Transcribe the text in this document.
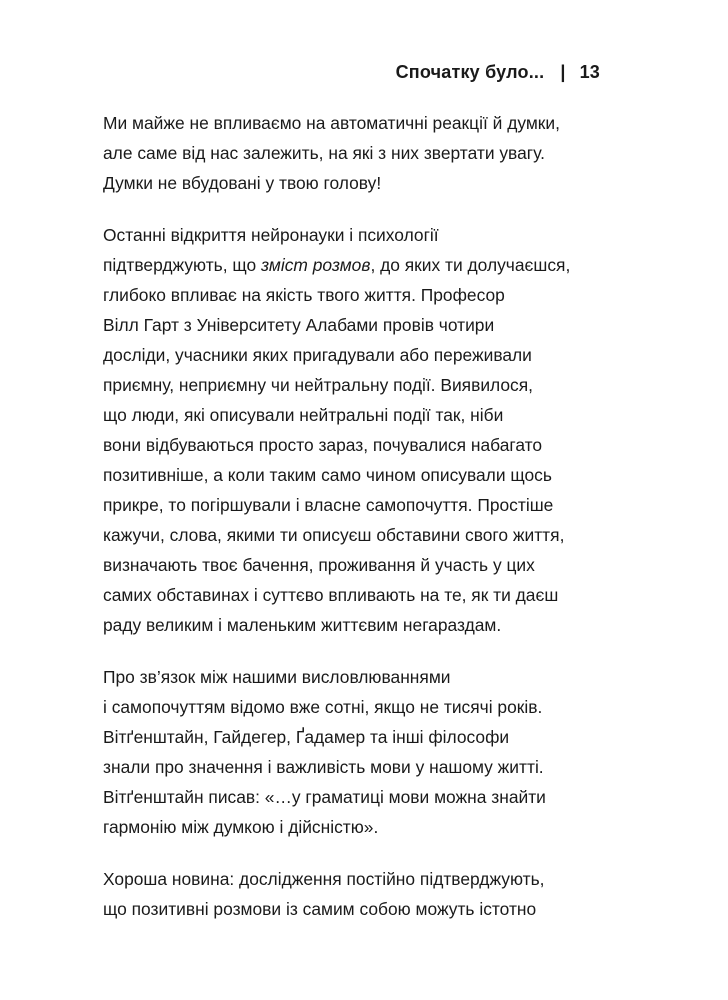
Спочатку було... | 13
Ми майже не впливаємо на автоматичні реакції й думки,
але саме від нас залежить, на які з них звертати увагу.
Думки не вбудовані у твою голову!
Останні відкриття нейронауки і психології
підтверджують, що зміст розмов, до яких ти долучаєшся,
глибоко впливає на якість твого життя. Професор
Вілл Гарт з Університету Алабами провів чотири
досліди, учасники яких пригадували або переживали
приємну, неприємну чи нейтральну події. Виявилося,
що люди, які описували нейтральні події так, ніби
вони відбуваються просто зараз, почувалися набагато
позитивніше, а коли таким само чином описували щось
прикре, то погіршували і власне самопочуття. Простіше
кажучи, слова, якими ти описуєш обставини свого життя,
визначають твоє бачення, проживання й участь у цих
самих обставинах і суттєво впливають на те, як ти даєш
раду великим і маленьким життєвим негараздам.
Про зв’язок між нашими висловлюваннями
і самопочуттям відомо вже сотні, якщо не тисячі років.
Вітґенштайн, Гайдегер, Ґадамер та інші філософи
знали про значення і важливість мови у нашому житті.
Вітґенштайн писав: «…у граматиці мови можна знайти
гармонію між думкою і дійсністю».
Хороша новина: дослідження постійно підтверджують,
що позитивні розмови із самим собою можуть істотно
